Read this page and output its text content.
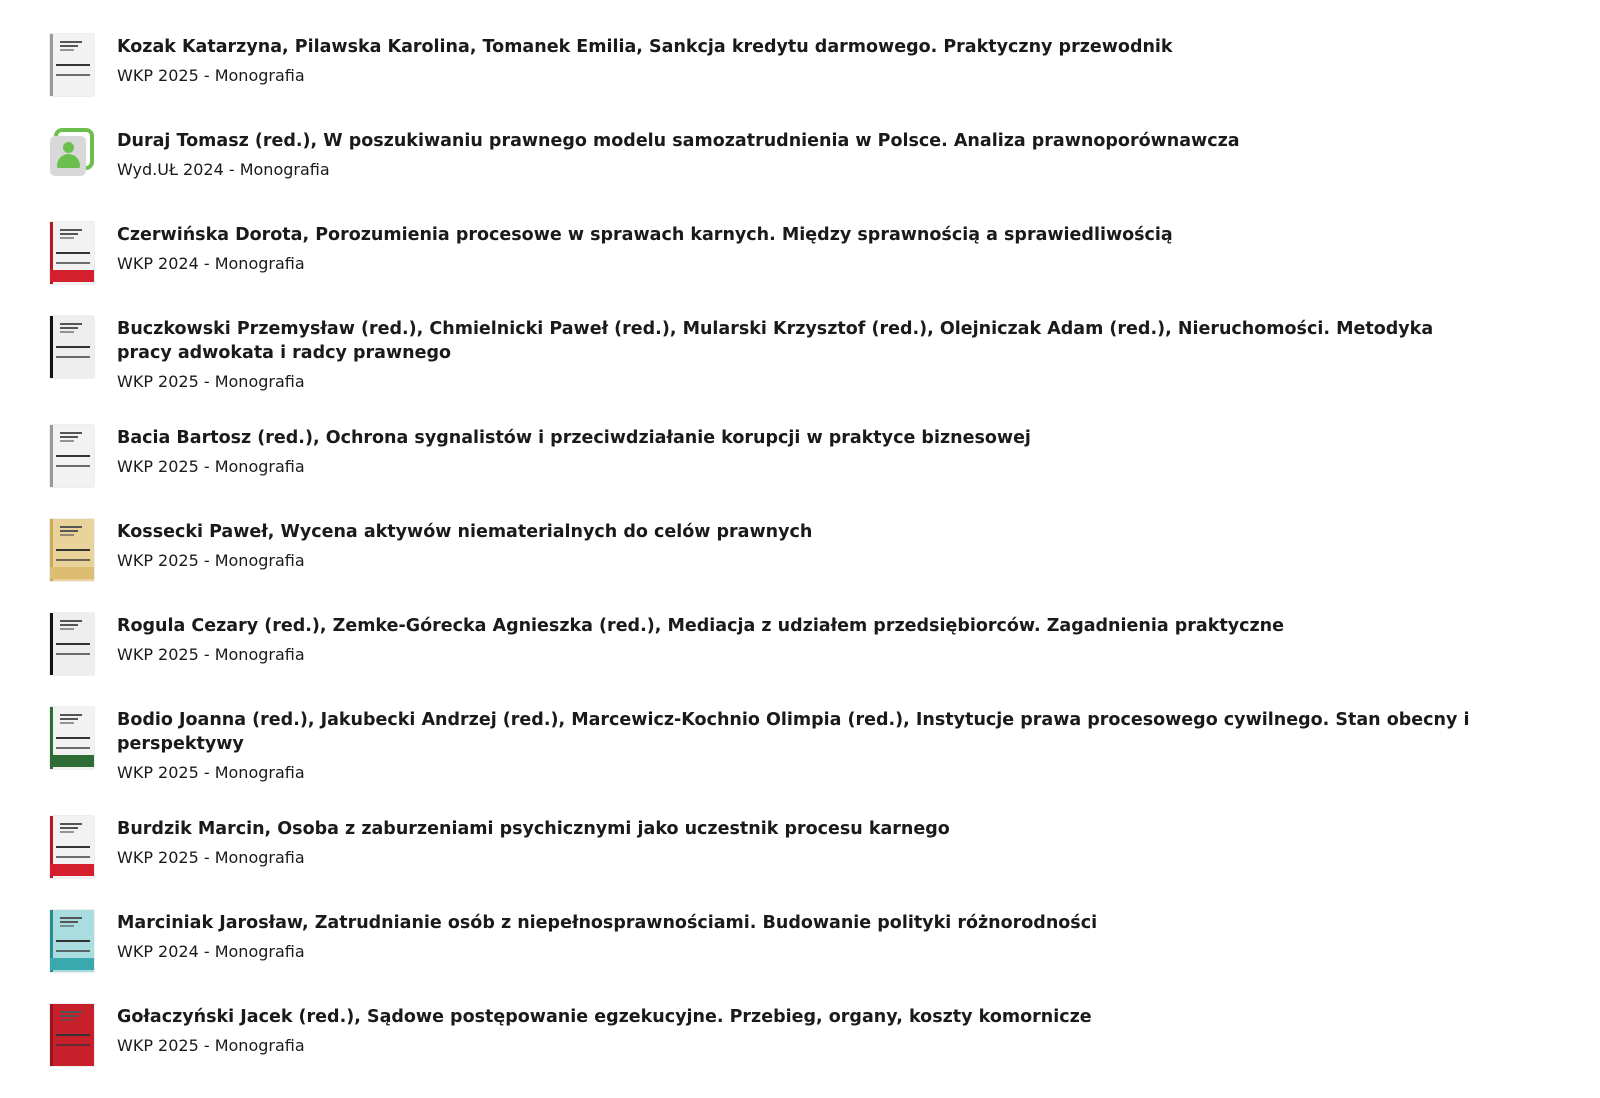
Kozak Katarzyna, Pilawska Karolina, Tomanek Emilia, Sankcja kredytu darmowego. Praktyczny przewodnik
WKP 2025 - Monografia
Duraj Tomasz (red.), W poszukiwaniu prawnego modelu samozatrudnienia w Polsce. Analiza prawnoporównawcza
Wyd.UŁ 2024 - Monografia
Czerwińska Dorota, Porozumienia procesowe w sprawach karnych. Między sprawnością a sprawiedliwością
WKP 2024 - Monografia
Buczkowski Przemysław (red.), Chmielnicki Paweł (red.), Mularski Krzysztof (red.), Olejniczak Adam (red.), Nieruchomości. Metodyka pracy adwokata i radcy prawnego
WKP 2025 - Monografia
Bacia Bartosz (red.), Ochrona sygnalistów i przeciwdziałanie korupcji w praktyce biznesowej
WKP 2025 - Monografia
Kossecki Paweł, Wycena aktywów niematerialnych do celów prawnych
WKP 2025 - Monografia
Rogula Cezary (red.), Zemke-Górecka Agnieszka (red.), Mediacja z udziałem przedsiębiorców. Zagadnienia praktyczne
WKP 2025 - Monografia
Bodio Joanna (red.), Jakubecki Andrzej (red.), Marcewicz-Kochnio Olimpia (red.), Instytucje prawa procesowego cywilnego. Stan obecny i perspektywy
WKP 2025 - Monografia
Burdzik Marcin, Osoba z zaburzeniami psychicznymi jako uczestnik procesu karnego
WKP 2025 - Monografia
Marciniak Jarosław, Zatrudnianie osób z niepełnosprawnościami. Budowanie polityki różnorodności
WKP 2024 - Monografia
Gołaczyński Jacek (red.), Sądowe postępowanie egzekucyjne. Przebieg, organy, koszty komornicze
WKP 2025 - Monografia
